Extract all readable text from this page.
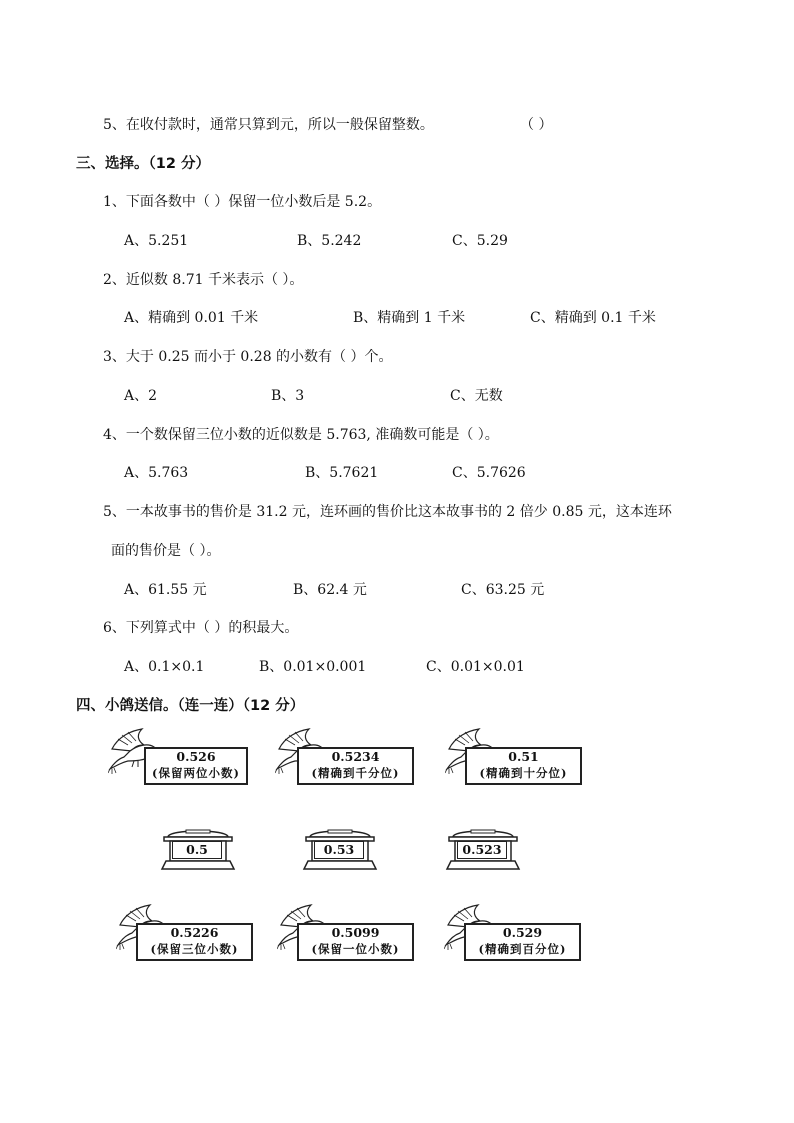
5、在收付款时，通常只算到元，所以一般保留整数。	（ ）
三、选择。（12 分）
1、下面各数中（ ）保留一位小数后是 5.2。
A、5.251	B、5.242	C、5.29
2、近似数 8.71 千米表示（ ）。
A、精确到 0.01 千米	B、精确到 1 千米	C、精确到 0.1 千米
3、大于 0.25 而小于 0.28 的小数有（ ）个。
A、2	B、3	C、无数
4、一个数保留三位小数的近似数是 5.763, 准确数可能是（ ）。
A、5.763	B、5.7621	C、5.7626
5、一本故事书的售价是 31.2 元，连环画的售价比这本故事书的 2 倍少 0.85 元，这本连环
面的售价是（ ）。
A、61.55 元	B、62.4 元	C、63.25 元
6、下列算式中（ ）的积最大。
A、0.1×0.1	B、0.01×0.001	C、0.01×0.01
四、小鸽送信。（连一连）（12 分）
0.526
(保留两位小数)
0.5234
(精确到千分位)
0.51
(精确到十分位)
0.5	0.53	0.523
0.5226
(保留三位小数)
0.5099
(保留一位小数)
0.529
(精确到百分位)
